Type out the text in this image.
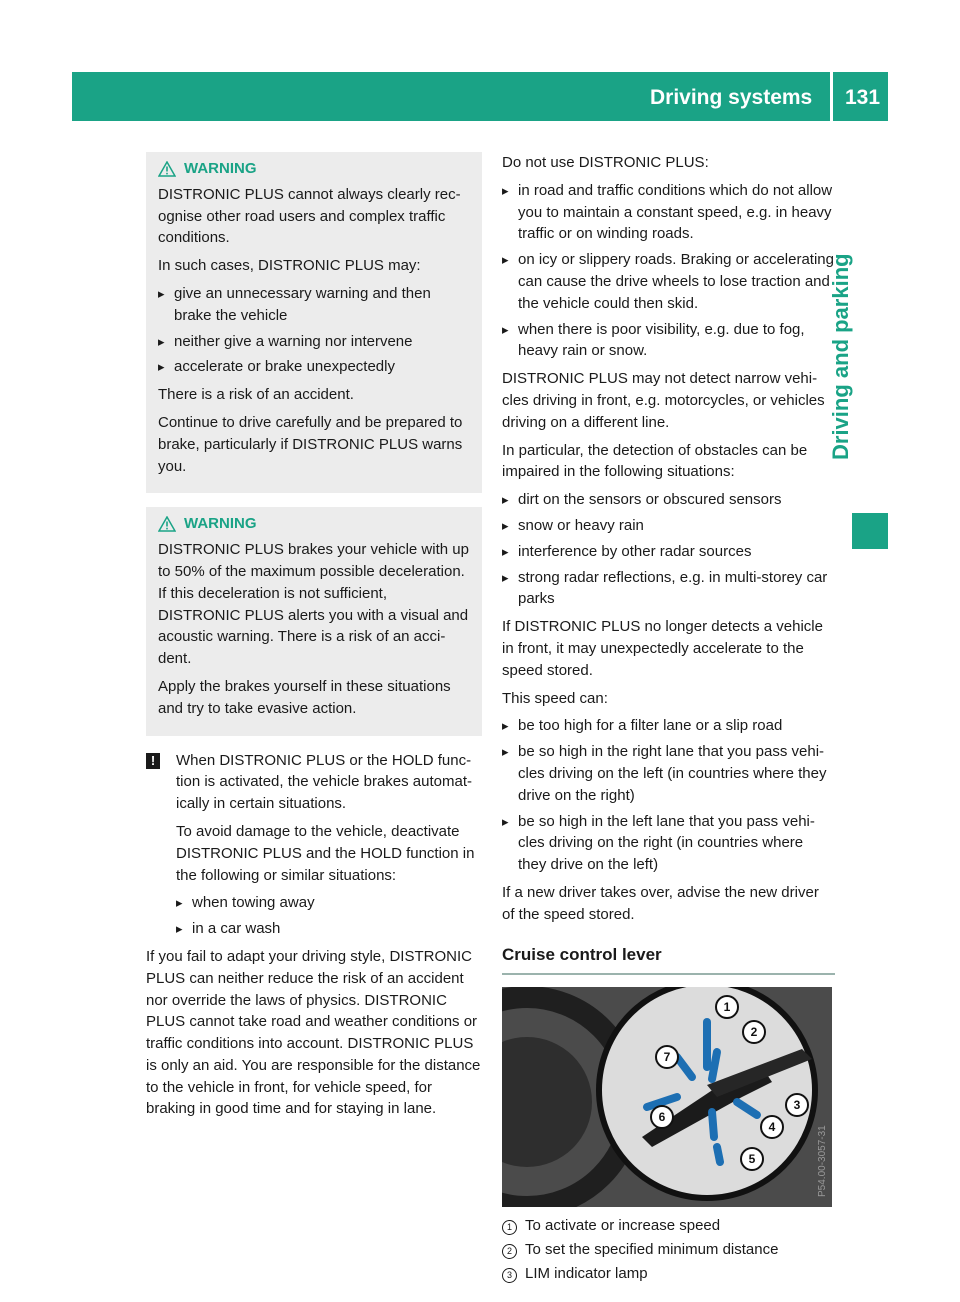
Driving systems 131
Driving and parking
WARNING

DISTRONIC PLUS cannot always clearly recognise other road users and complex traffic conditions.

In such cases, DISTRONIC PLUS may:

▸ give an unnecessary warning and then brake the vehicle
▸ neither give a warning nor intervene
▸ accelerate or brake unexpectedly

There is a risk of an accident.

Continue to drive carefully and be prepared to brake, particularly if DISTRONIC PLUS warns you.

WARNING

DISTRONIC PLUS brakes your vehicle with up to 50% of the maximum possible deceleration. If this deceleration is not sufficient, DISTRONIC PLUS alerts you with a visual and acoustic warning. There is a risk of an accident.

Apply the brakes yourself in these situations and try to take evasive action.

!	When DISTRONIC PLUS or the HOLD function is activated, the vehicle brakes automatically in certain situations.

To avoid damage to the vehicle, deactivate DISTRONIC PLUS and the HOLD function in the following or similar situations:

▸ when towing away
▸ in a car wash

If you fail to adapt your driving style, DISTRONIC PLUS can neither reduce the risk of an accident nor override the laws of physics. DISTRONIC PLUS cannot take road and weather conditions or traffic conditions into account. DISTRONIC PLUS is only an aid. You are responsible for the distance to the vehicle in front, for vehicle speed, for braking in good time and for staying in lane.

Do not use DISTRONIC PLUS:

▸ in road and traffic conditions which do not allow you to maintain a constant speed, e.g. in heavy traffic or on winding roads.
▸ on icy or slippery roads. Braking or accelerating can cause the drive wheels to lose traction and the vehicle could then skid.
▸ when there is poor visibility, e.g. due to fog, heavy rain or snow.

DISTRONIC PLUS may not detect narrow vehicles driving in front, e.g. motorcycles, or vehicles driving on a different line.

In particular, the detection of obstacles can be impaired in the following situations:

▸ dirt on the sensors or obscured sensors
▸ snow or heavy rain
▸ interference by other radar sources
▸ strong radar reflections, e.g. in multi-storey car parks

If DISTRONIC PLUS no longer detects a vehicle in front, it may unexpectedly accelerate to the speed stored.

This speed can:

▸ be too high for a filter lane or a slip road
▸ be so high in the right lane that you pass vehicles driving on the left (in countries where they drive on the right)
▸ be so high in the left lane that you pass vehicles driving on the right (in countries where they drive on the left)

If a new driver takes over, advise the new driver of the speed stored.

Cruise control lever
1
2
3
4
5
6
7
P54.00-3057-31
1 To activate or increase speed
2 To set the specified minimum distance
3 LIM indicator lamp
